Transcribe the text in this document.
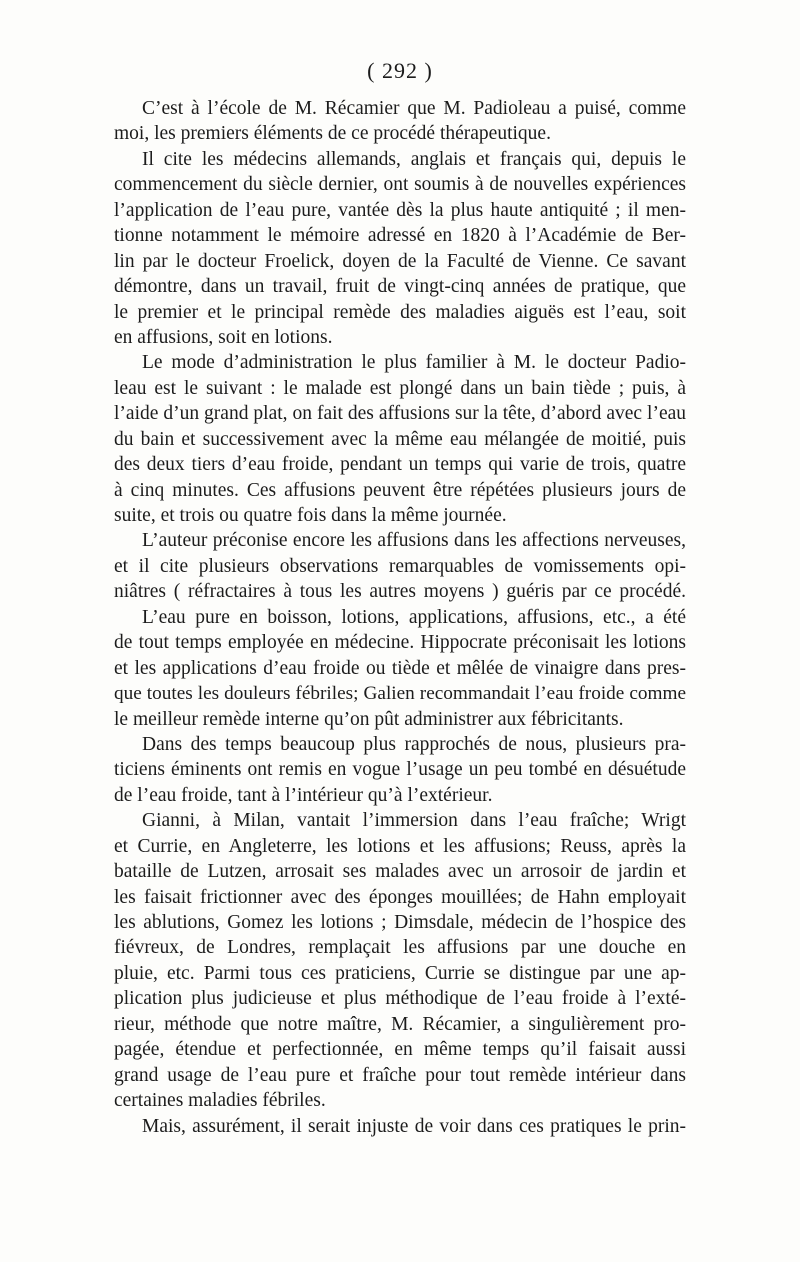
( 292 )
C’est à l’école de M. Récamier que M. Padioleau a puisé, comme
moi, les premiers éléments de ce procédé thérapeutique.
Il cite les médecins allemands, anglais et français qui, depuis le
commencement du siècle dernier, ont soumis à de nouvelles expériences
l’application de l’eau pure, vantée dès la plus haute antiquité ; il men-
tionne notamment le mémoire adressé en 1820 à l’Académie de Ber-
lin par le docteur Froelick, doyen de la Faculté de Vienne. Ce savant
démontre, dans un travail, fruit de vingt-cinq années de pratique, que
le premier et le principal remède des maladies aiguës est l’eau, soit
en affusions, soit en lotions.
Le mode d’administration le plus familier à M. le docteur Padio-
leau est le suivant : le malade est plongé dans un bain tiède ; puis, à
l’aide d’un grand plat, on fait des affusions sur la tête, d’abord avec l’eau
du bain et successivement avec la même eau mélangée de moitié, puis
des deux tiers d’eau froide, pendant un temps qui varie de trois, quatre
à cinq minutes. Ces affusions peuvent être répétées plusieurs jours de
suite, et trois ou quatre fois dans la même journée.
L’auteur préconise encore les affusions dans les affections nerveuses,
et il cite plusieurs observations remarquables de vomissements opi-
niâtres ( réfractaires à tous les autres moyens ) guéris par ce procédé.
L’eau pure en boisson, lotions, applications, affusions, etc., a été
de tout temps employée en médecine. Hippocrate préconisait les lotions
et les applications d’eau froide ou tiède et mêlée de vinaigre dans pres-
que toutes les douleurs fébriles; Galien recommandait l’eau froide comme
le meilleur remède interne qu’on pût administrer aux fébricitants.
Dans des temps beaucoup plus rapprochés de nous, plusieurs pra-
ticiens éminents ont remis en vogue l’usage un peu tombé en désuétude
de l’eau froide, tant à l’intérieur qu’à l’extérieur.
Gianni, à Milan, vantait l’immersion dans l’eau fraîche; Wrigt
et Currie, en Angleterre, les lotions et les affusions; Reuss, après la
bataille de Lutzen, arrosait ses malades avec un arrosoir de jardin et
les faisait frictionner avec des éponges mouillées; de Hahn employait
les ablutions, Gomez les lotions ; Dimsdale, médecin de l’hospice des
fiévreux, de Londres, remplaçait les affusions par une douche en
pluie, etc. Parmi tous ces praticiens, Currie se distingue par une ap-
plication plus judicieuse et plus méthodique de l’eau froide à l’exté-
rieur, méthode que notre maître, M. Récamier, a singulièrement pro-
pagée, étendue et perfectionnée, en même temps qu’il faisait aussi
grand usage de l’eau pure et fraîche pour tout remède intérieur dans
certaines maladies fébriles.
Mais, assurément, il serait injuste de voir dans ces pratiques le prin-
